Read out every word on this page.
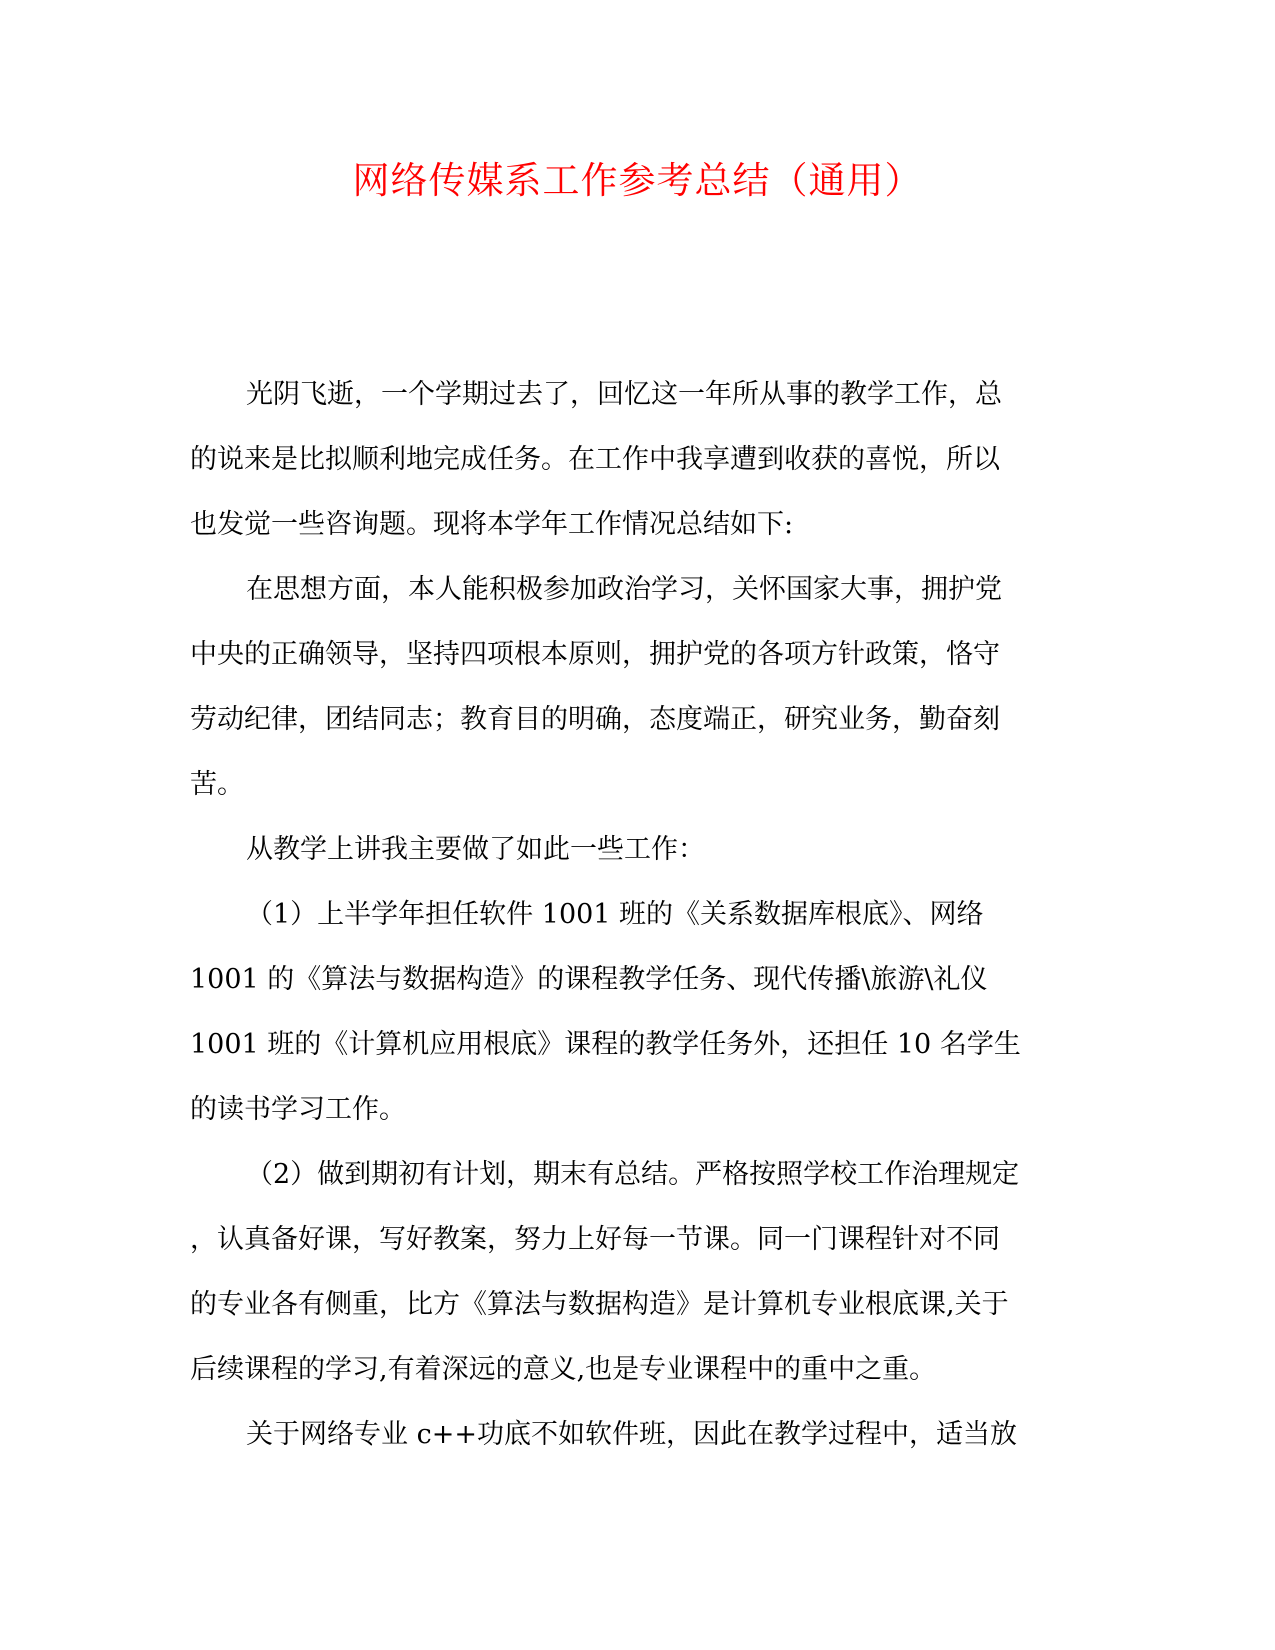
网络传媒系工作参考总结（通用）

光阴飞逝，一个学期过去了，回忆这一年所从事的教学工作，总
的说来是比拟顺利地完成任务。在工作中我享遭到收获的喜悦，所以
也发觉一些咨询题。现将本学年工作情况总结如下:

在思想方面，本人能积极参加政治学习，关怀国家大事，拥护党
中央的正确领导，坚持四项根本原则，拥护党的各项方针政策，恪守
劳动纪律，团结同志；教育目的明确，态度端正，研究业务，勤奋刻
苦。

从教学上讲我主要做了如此一些工作：

（1）上半学年担任软件 1001 班的《关系数据库根底》、网络
1001 的《算法与数据构造》的课程教学任务、现代传播\旅游\礼仪
1001 班的《计算机应用根底》课程的教学任务外，还担任 10 名学生
的读书学习工作。

（2）做到期初有计划，期末有总结。严格按照学校工作治理规定
，认真备好课，写好教案，努力上好每一节课。同一门课程针对不同
的专业各有侧重，比方《算法与数据构造》是计算机专业根底课,关于
后续课程的学习,有着深远的意义,也是专业课程中的重中之重。

关于网络专业 c++功底不如软件班，因此在教学过程中，适当放
